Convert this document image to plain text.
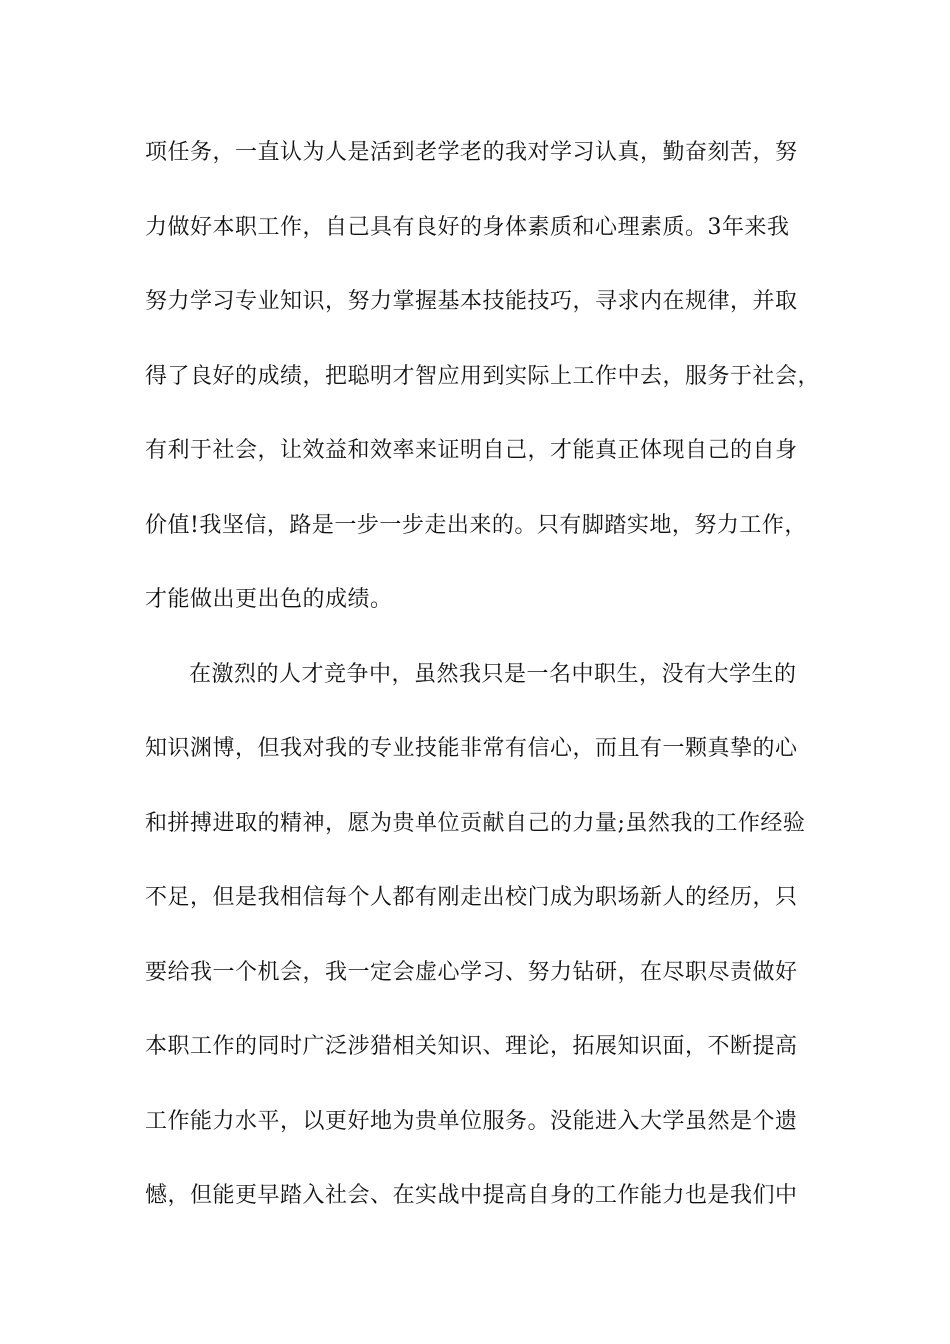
项任务，一直认为人是活到老学老的我对学习认真，勤奋刻苦，努
力做好本职工作，自己具有良好的身体素质和心理素质。3年来我
努力学习专业知识，努力掌握基本技能技巧，寻求内在规律，并取
得了良好的成绩，把聪明才智应用到实际上工作中去，服务于社会，
有利于社会，让效益和效率来证明自己，才能真正体现自己的自身
价值!我坚信，路是一步一步走出来的。只有脚踏实地，努力工作，
才能做出更出色的成绩。
在激烈的人才竞争中，虽然我只是一名中职生，没有大学生的
知识渊博，但我对我的专业技能非常有信心，而且有一颗真挚的心
和拼搏进取的精神，愿为贵单位贡献自己的力量;虽然我的工作经验
不足，但是我相信每个人都有刚走出校门成为职场新人的经历，只
要给我一个机会，我一定会虚心学习、努力钻研，在尽职尽责做好
本职工作的同时广泛涉猎相关知识、理论，拓展知识面，不断提高
工作能力水平，以更好地为贵单位服务。没能进入大学虽然是个遗
憾，但能更早踏入社会、在实战中提高自身的工作能力也是我们中
